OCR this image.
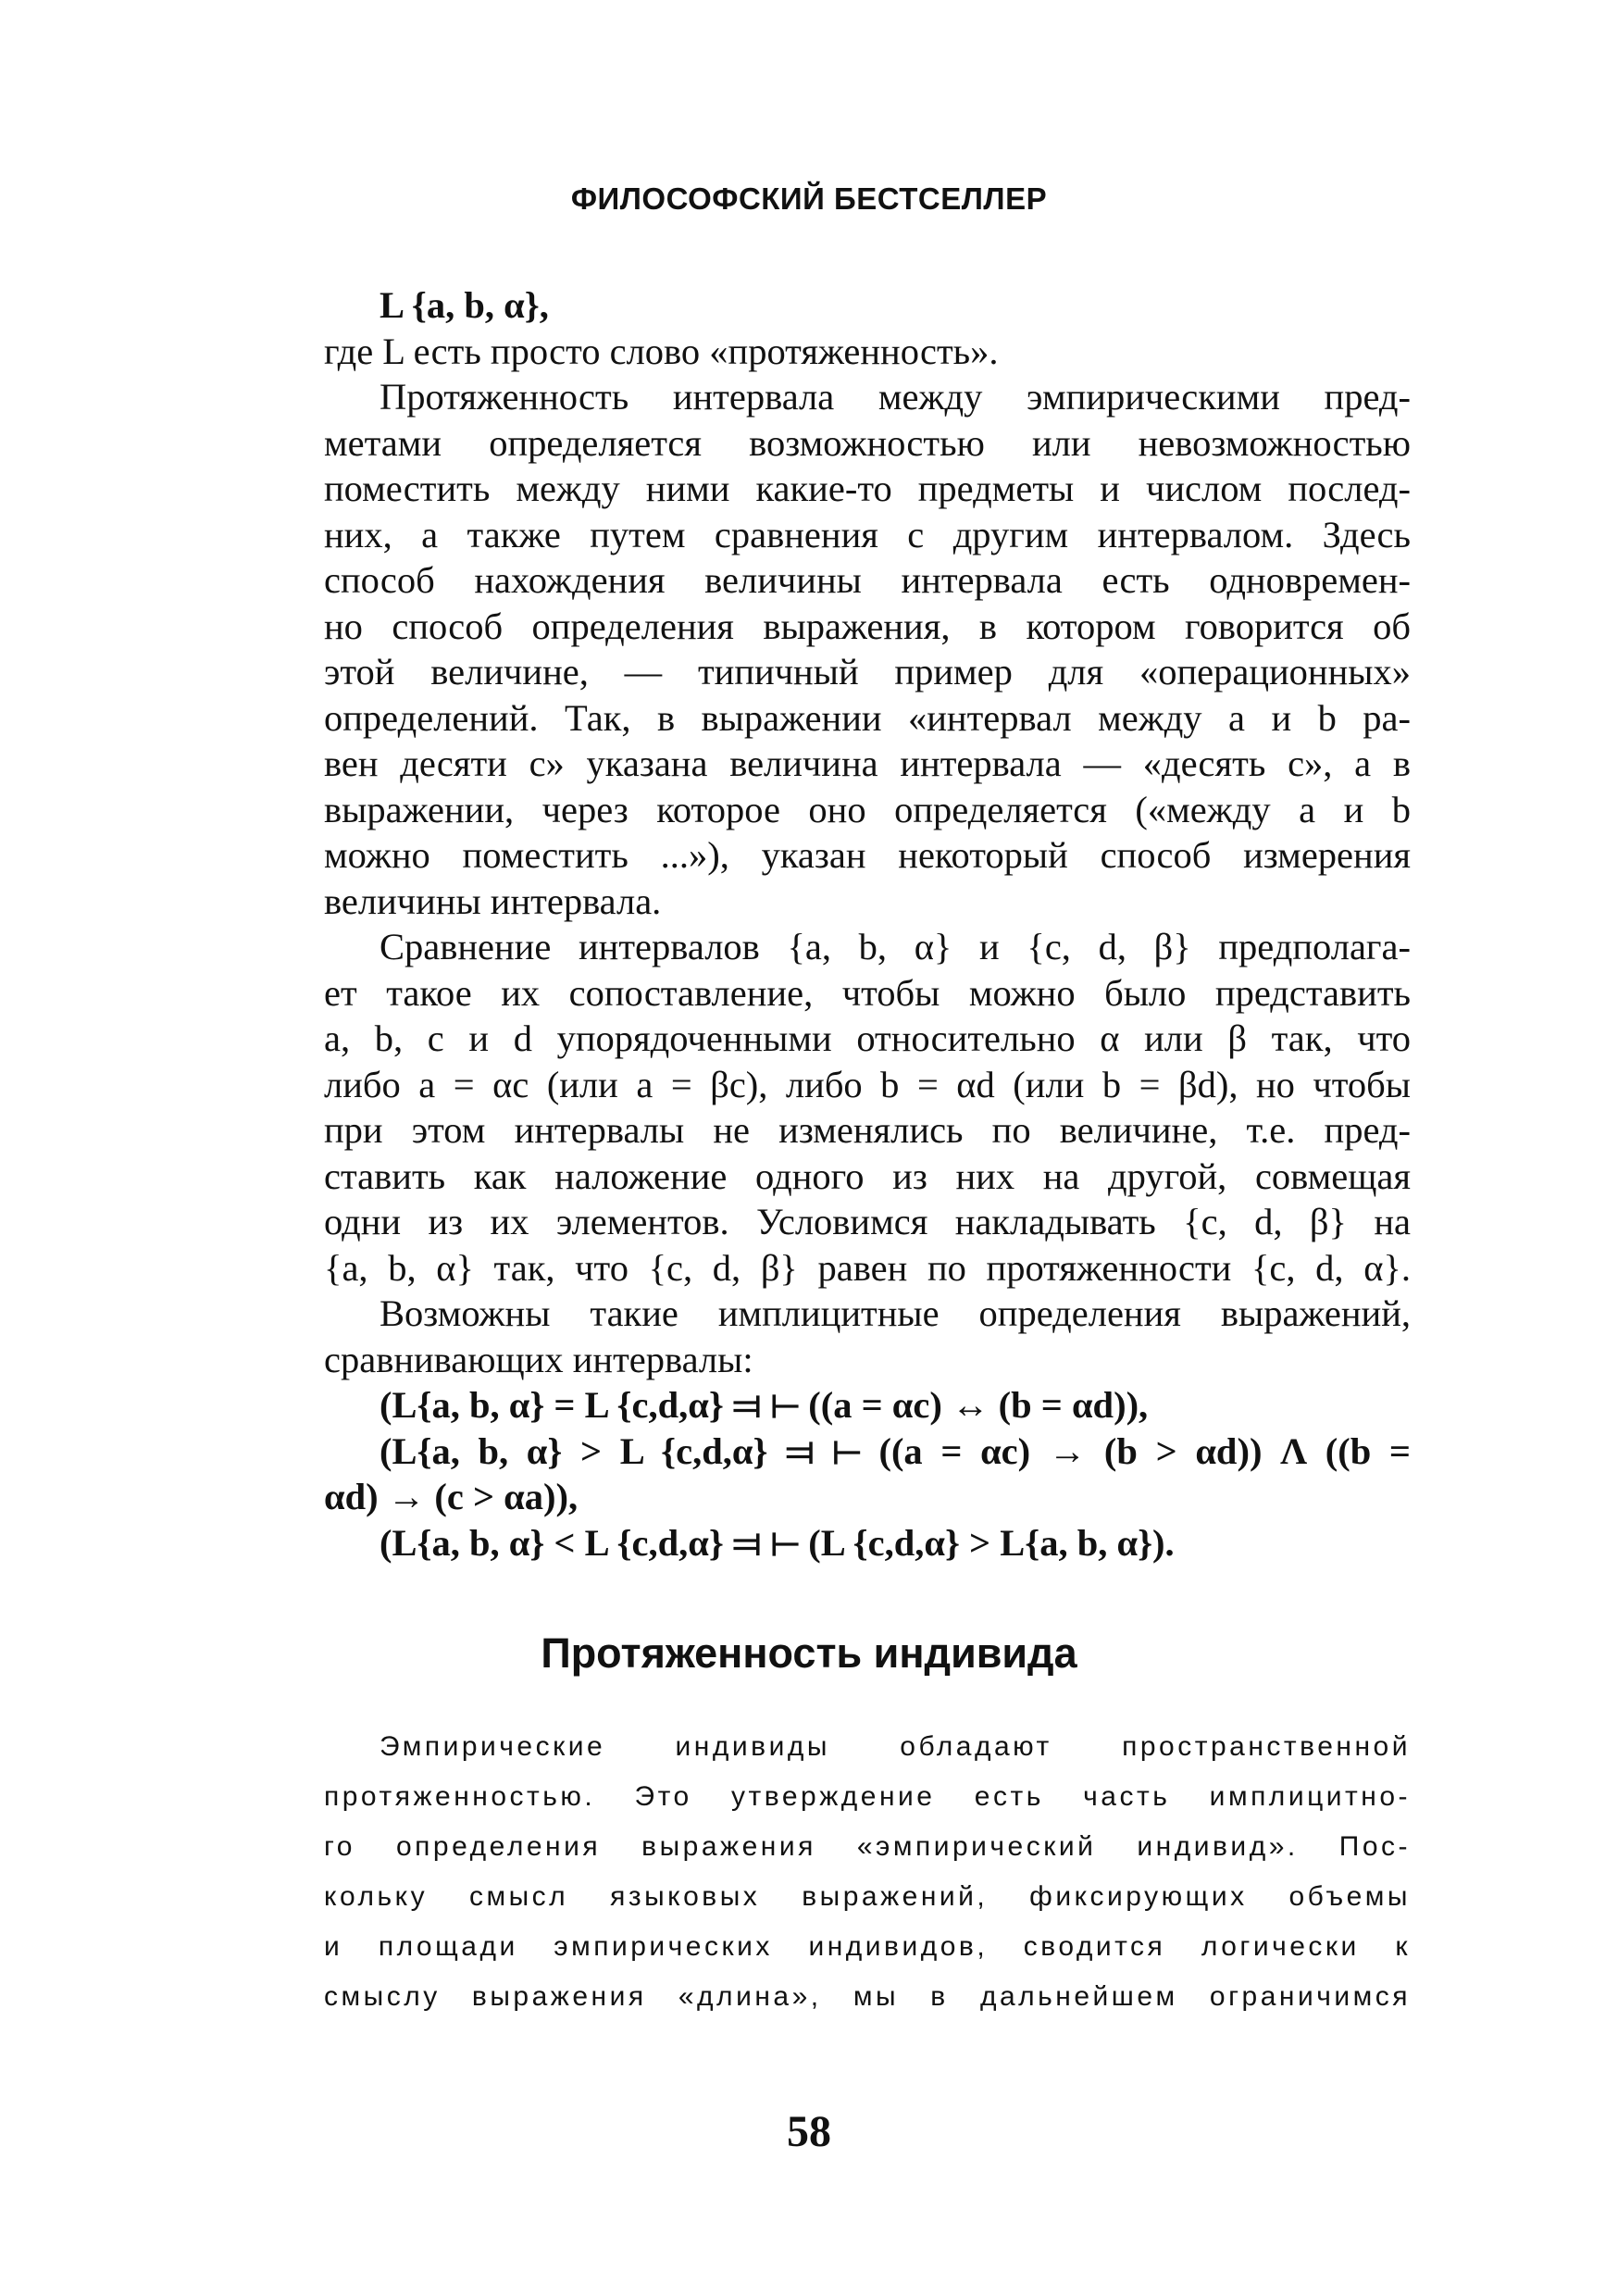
ФИЛОСОФСКИЙ БЕСТСЕЛЛЕР
L {a, b, α},
где L есть просто слово «протяженность».
Протяженность интервала между эмпирическими пред-
метами определяется возможностью или невозможностью
поместить между ними какие-то предметы и числом послед-
них, а также путем сравнения с другим интервалом. Здесь
способ нахождения величины интервала есть одновремен-
но способ определения выражения, в котором говорится об
этой величине, — типичный пример для «операционных»
определений. Так, в выражении «интервал между a и b ра-
вен десяти c» указана величина интервала — «десять c», а в
выражении, через которое оно определяется («между a и b
можно поместить ...»), указан некоторый способ измерения
величины интервала.
Сравнение интервалов {a, b, α} и {c, d, β} предполага-
ет такое их сопоставление, чтобы можно было представить
a, b, c и d упорядоченными относительно α или β так, что
либо a = αc (или a = βc), либо b = αd (или b = βd), но чтобы
при этом интервалы не изменялись по величине, т.е. пред-
ставить как наложение одного из них на другой, совмещая
одни из их элементов. Условимся накладывать {c, d, β} на
{a, b, α} так, что {c, d, β} равен по протяженности {c, d, α}.
Возможны такие имплицитные определения выражений,
сравнивающих интервалы:
(L{a, b, α} = L {c,d,α} ⫤ ⊢ ((a = αc) ↔ (b = αd)),
(L{a, b, α} > L {c,d,α} ⫤ ⊢ ((a = αc) → (b > αd)) Λ ((b =
αd) → (c > αa)),
(L{a, b, α} < L {c,d,α} ⫤ ⊢ (L {c,d,α} > L{a, b, α}).
Протяженность индивида
Эмпирические индивиды обладают пространственной
протяженностью. Это утверждение есть часть имплицитно-
го определения выражения «эмпирический индивид». Пос-
кольку смысл языковых выражений, фиксирующих объемы
и площади эмпирических индивидов, сводится логически к
смыслу выражения «длина», мы в дальнейшем ограничимся
58
